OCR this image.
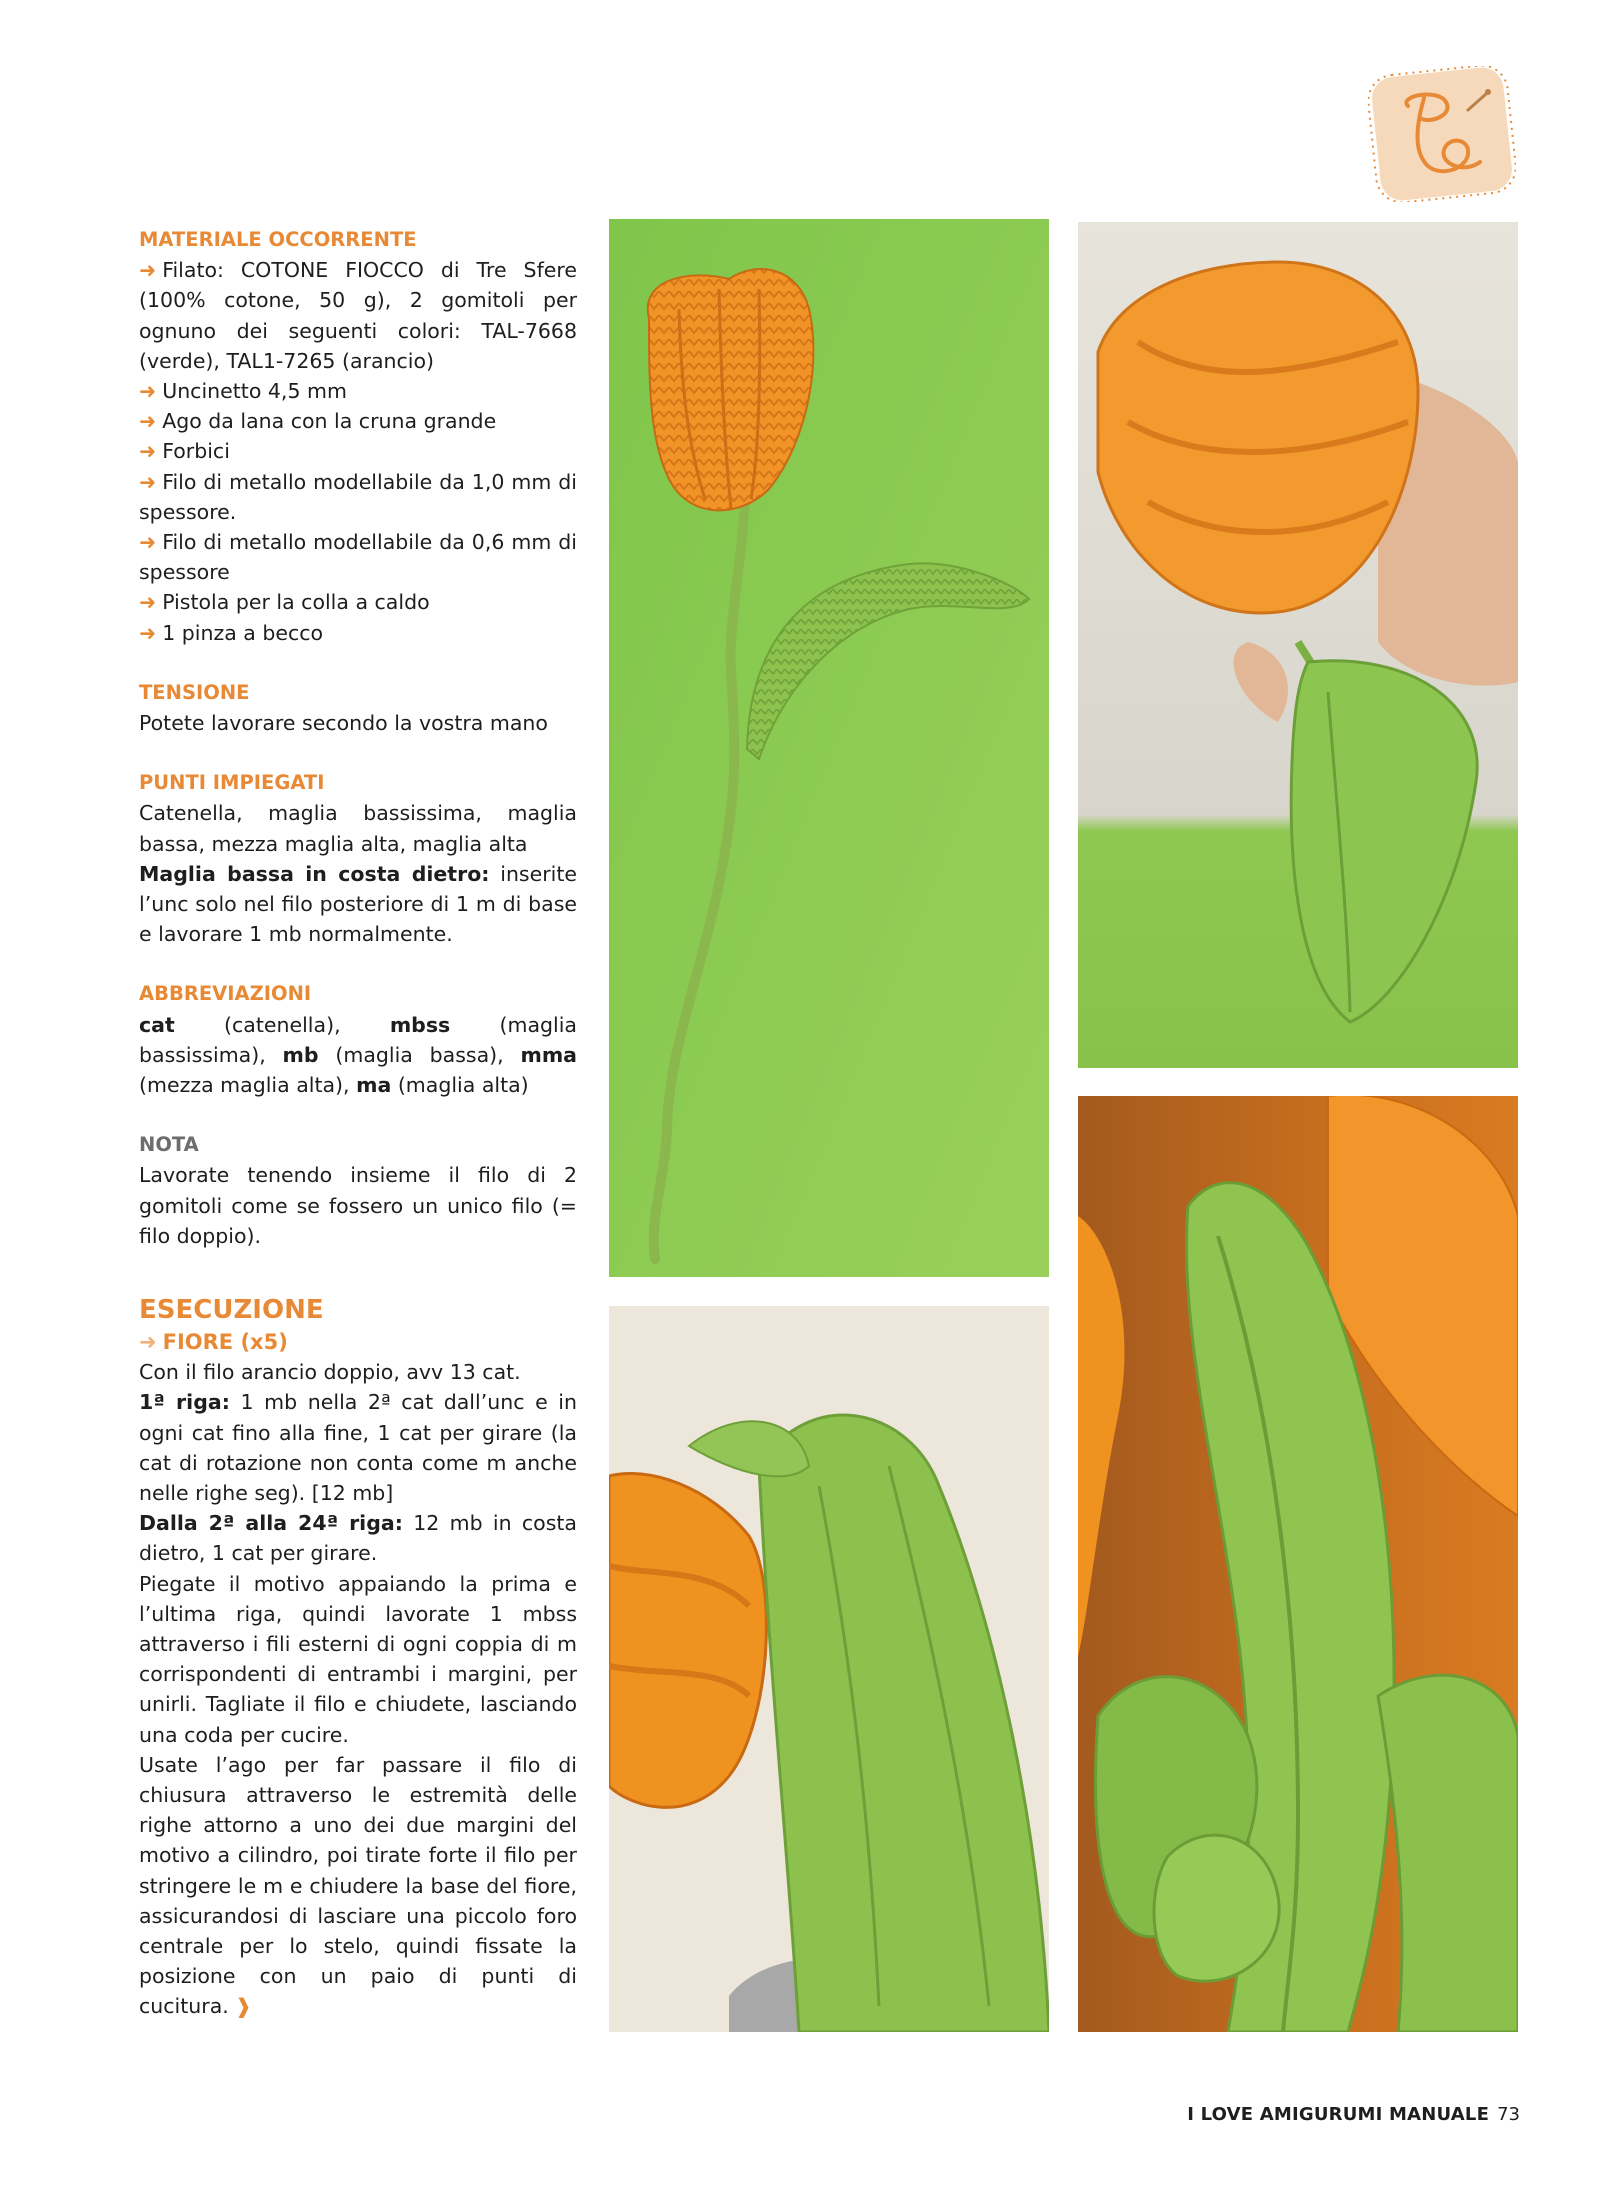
MATERIALE OCCORRENTE
➜ Filato: COTONE FIOCCO di Tre Sfere (100% cotone, 50 g), 2 gomitoli per ognuno dei seguenti colori: TAL-7668 (verde), TAL1-7265 (arancio)
➜ Uncinetto 4,5 mm
➜ Ago da lana con la cruna grande
➜ Forbici
➜ Filo di metallo modellabile da 1,0 mm di spessore.
➜ Filo di metallo modellabile da 0,6 mm di spessore
➜ Pistola per la colla a caldo
➜ 1 pinza a becco
TENSIONE
Potete lavorare secondo la vostra mano
PUNTI IMPIEGATI
Catenella, maglia bassissima, maglia bassa, mezza maglia alta, maglia alta
Maglia bassa in costa dietro: inserite l’unc solo nel filo posteriore di 1 m di base e lavorare 1 mb normalmente.
ABBREVIAZIONI
cat (catenella), mbss (maglia bassissima), mb (maglia bassa), mma (mezza maglia alta), ma (maglia alta)
NOTA
Lavorate tenendo insieme il filo di 2 gomitoli come se fossero un unico filo (= filo doppio).
ESECUZIONE
➜ FIORE (x5)
Con il filo arancio doppio, avv 13 cat.
1ª riga: 1 mb nella 2ª cat dall’unc e in ogni cat fino alla fine, 1 cat per girare (la cat di rotazione non conta come m anche nelle righe seg). [12 mb]
Dalla 2ª alla 24ª riga: 12 mb in costa dietro, 1 cat per girare.
Piegate il motivo appaiando la prima e l’ultima riga, quindi lavorate 1 mbss attraverso i fili esterni di ogni coppia di m corrispondenti di entrambi i margini, per unirli. Tagliate il filo e chiudete, lasciando una coda per cucire.
Usate l’ago per far passare il filo di chiusura attraverso le estremità delle righe attorno a uno dei due margini del motivo a cilindro, poi tirate forte il filo per stringere le m e chiudere la base del fiore, assicurandosi di lasciare una piccolo foro centrale per lo stelo, quindi fissate la posizione con un paio di punti di cucitura. ❱
I LOVE AMIGURUMI MANUALE 73
